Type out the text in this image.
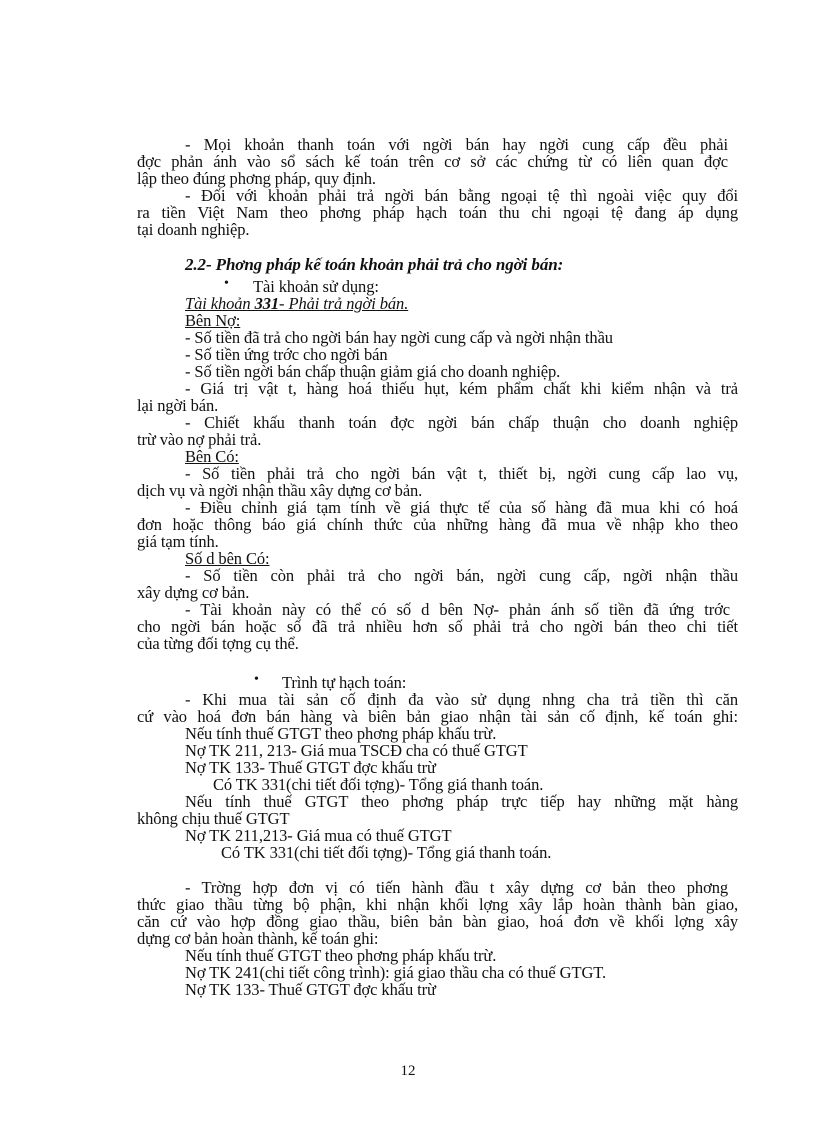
- Mọi khoản thanh toán với ngời bán hay ngời cung cấp đều phải
đợc phản ánh vào sổ sách kế toán trên cơ sở các chứng từ có liên quan đợc
lập theo đúng phơng pháp, quy định.
- Đối với khoản phải trả ngời bán bằng ngoại tệ thì ngoài việc quy đổi
ra tiền Việt Nam theo phơng pháp hạch toán thu chi ngoại tệ đang áp dụng
tại doanh nghiệp.
2.2- Phơng pháp kế toán khoản phải trả cho ngời bán:
• Tài khoản sử dụng:
Tài khoản 331- Phải trả ngời bán.
Bên Nợ:
- Số tiền đã trả cho ngời bán hay ngời cung cấp và ngời nhận thầu
- Số tiền ứng trớc cho ngời bán
- Số tiền ngời bán chấp thuận giảm giá cho doanh nghiệp.
- Giá trị vật t, hàng hoá thiếu hụt, kém phẩm chất khi kiểm nhận và trả
lại ngời bán.
- Chiết khấu thanh toán đợc ngời bán chấp thuận cho doanh nghiệp
trừ vào nợ phải trả.
Bên Có:
- Số tiền phải trả cho ngời bán vật t, thiết bị, ngời cung cấp lao vụ,
dịch vụ và ngời nhận thầu xây dựng cơ bản.
- Điều chỉnh giá tạm tính về giá thực tế của số hàng đã mua khi có hoá
đơn hoặc thông báo giá chính thức của những hàng đã mua về nhập kho theo
giá tạm tính.
Số d bên Có:
- Số tiền còn phải trả cho ngời bán, ngời cung cấp, ngời nhận thầu
xây dựng cơ bản.
- Tài khoản này có thể có số d bên Nợ- phản ánh số tiền đã ứng trớc
cho ngời bán hoặc số đã trả nhiều hơn số phải trả cho ngời bán theo chi tiết
của từng đối tợng cụ thể.
• Trình tự hạch toán:
- Khi mua tài sản cố định đa vào sử dụng nhng cha trả tiền thì căn
cứ vào hoá đơn bán hàng và biên bản giao nhận tài sản cố định, kế toán ghi:
Nếu tính thuế GTGT theo phơng pháp khấu trừ.
Nợ TK 211, 213- Giá mua TSCĐ cha có thuế GTGT
Nợ TK 133- Thuế GTGT đợc khấu trừ
Có TK 331(chi tiết đối tợng)- Tổng giá thanh toán.
Nếu tính thuế GTGT theo phơng pháp trực tiếp hay những mặt hàng
không chịu thuế GTGT
Nợ TK 211,213- Giá mua có thuế GTGT
Có TK 331(chi tiết đối tợng)- Tổng giá thanh toán.
- Trờng hợp đơn vị có tiến hành đầu t xây dựng cơ bản theo phơng
thức giao thầu từng bộ phận, khi nhận khối lợng xây lắp hoàn thành bàn giao,
căn cứ vào hợp đồng giao thầu, biên bản bàn giao, hoá đơn về khối lợng xây
dựng cơ bản hoàn thành, kế toán ghi:
Nếu tính thuế GTGT theo phơng pháp khấu trừ.
Nợ TK 241(chi tiết công trình): giá giao thầu cha có thuế GTGT.
Nợ TK 133- Thuế GTGT đợc khấu trừ
12
